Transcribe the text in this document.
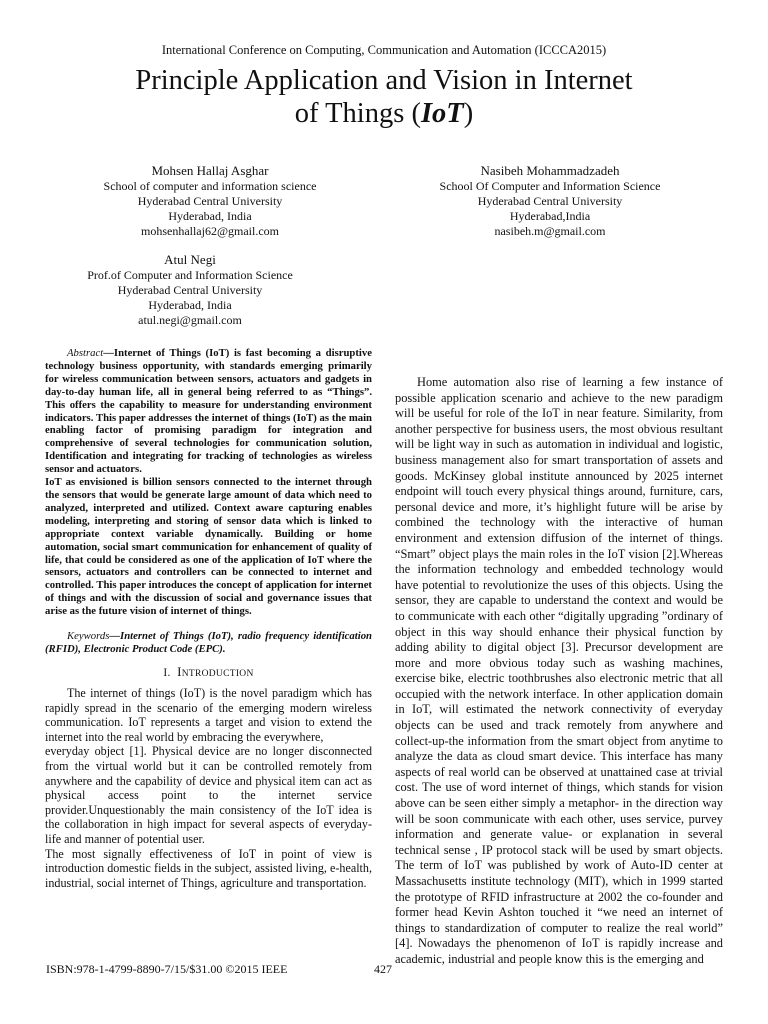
International Conference on Computing, Communication and Automation (ICCCA2015)
Principle Application and Vision in Internet
of Things (IoT)
Mohsen Hallaj Asghar
School of computer and information science
Hyderabad Central University
Hyderabad, India
mohsenhallaj62@gmail.com
Nasibeh Mohammadzadeh
School Of Computer and Information Science
Hyderabad Central University
Hyderabad,India
nasibeh.m@gmail.com
Atul Negi
Prof.of Computer and Information Science
Hyderabad Central University
Hyderabad, India
atul.negi@gmail.com

Abstract—Internet of Things (IoT) is fast becoming a disruptive technology business opportunity, with standards emerging primarily for wireless communication between sensors, actuators and gadgets in day-to-day human life, all in general being referred to as “Things”. This offers the capability to measure for understanding environment indicators. This paper addresses the internet of things (IoT) as the main enabling factor of promising paradigm for integration and comprehensive of several technologies for communication solution, Identification and integrating for tracking of technologies as wireless sensor and actuators.

IoT as envisioned is billion sensors connected to the internet through the sensors that would be generate large amount of data which need to analyzed, interpreted and utilized. Context aware capturing enables modeling, interpreting and storing of sensor data which is linked to appropriate context variable dynamically. Building or home automation, social smart communication for enhancement of quality of life, that could be considered as one of the application of IoT where the sensors, actuators and controllers can be connected to internet and controlled. This paper introduces the concept of application for internet of things and with the discussion of social and governance issues that arise as the future vision of internet of things.

Keywords—Internet of Things (IoT), radio frequency identification (RFID), Electronic Product Code (EPC).

I. INTRODUCTION

The internet of things (IoT) is the novel paradigm which has rapidly spread in the scenario of the emerging modern wireless communication. IoT represents a target and vision to extend the internet into the real world by embracing the everywhere,

everyday object [1]. Physical device are no longer disconnected from the virtual world but it can be controlled remotely from anywhere and the capability of device and physical item can act as physical access point to the internet service provider.Unquestionably the main consistency of the IoT idea is the collaboration in high impact for several aspects of everyday-life and manner of potential user.

The most signally effectiveness of IoT in point of view is introduction domestic fields in the subject, assisted living, e-health, industrial, social internet of Things, agriculture and transportation.

Home automation also rise of learning a few instance of possible application scenario and achieve to the new paradigm will be useful for role of the IoT in near feature. Similarity, from another perspective for business users, the most obvious resultant will be light way in such as automation in individual and logistic, business management also for smart transportation of assets and goods. McKinsey global institute announced by 2025 internet endpoint will touch every physical things around, furniture, cars, personal device and more, it’s highlight future will be arise by combined the technology with the interactive of human environment and extension diffusion of the internet of things. “Smart” object plays the main roles in the IoT vision [2].Whereas the information technology and embedded technology would have potential to revolutionize the uses of this objects. Using the sensor, they are capable to understand the context and would be to communicate with each other “digitally upgrading ”ordinary of object in this way should enhance their physical function by adding ability to digital object [3]. Precursor development are more and more obvious today such as washing machines, exercise bike, electric toothbrushes also electronic metric that all occupied with the network interface. In other application domain in IoT, will estimated the network connectivity of everyday objects can be used and track remotely from anywhere and collect-up-the information from the smart object from anytime to analyze the data as cloud smart device. This interface has many aspects of real world can be observed at unattained case at trivial cost. The use of word internet of things, which stands for vision above can be seen either simply a metaphor- in the direction way will be soon communicate with each other, uses service, purvey information and generate value- or explanation in several technical sense , IP protocol stack will be used by smart objects. The term of IoT was published by work of Auto-ID center at Massachusetts institute technology (MIT), which in 1999 started the prototype of RFID infrastructure at 2002 the co-founder and former head Kevin Ashton touched it “we need an internet of things to standardization of computer to realize the real world” [4]. Nowadays the phenomenon of IoT is rapidly increase and academic, industrial and people know this is the emerging and

ISBN:978-1-4799-8890-7/15/$31.00 ©2015 IEEE	427
